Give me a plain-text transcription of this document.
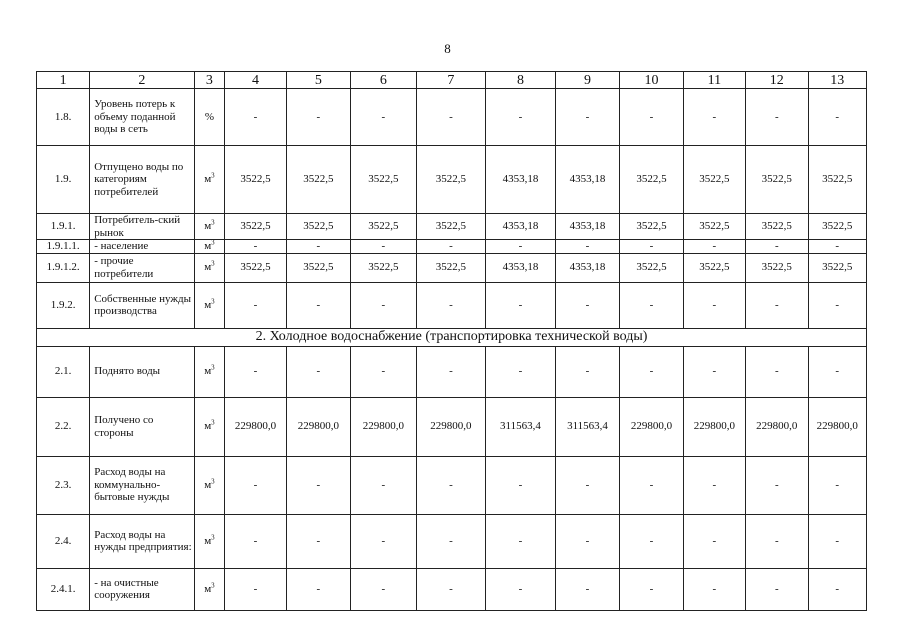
8
1	2	3	4	5	6	7	8	9	10	11	12	13
1.8.	Уровень потерь к объему поданной воды в сеть	%	-	-	-	-	-	-	-	-	-	-
1.9.	Отпущено воды по категориям потребителей	$м^3$	3522,5	3522,5	3522,5	3522,5	4353,18	4353,18	3522,5	3522,5	3522,5	3522,5
1.9.1.	Потребитель-ский рынок	$м^3$	3522,5	3522,5	3522,5	3522,5	4353,18	4353,18	3522,5	3522,5	3522,5	3522,5
1.9.1.1.	- население	$м^3$	-	-	-	-	-	-	-	-	-	-
1.9.1.2.	- прочие потребители	$м^3$	3522,5	3522,5	3522,5	3522,5	4353,18	4353,18	3522,5	3522,5	3522,5	3522,5
1.9.2.	Собственные нужды производства	$м^3$	-	-	-	-	-	-	-	-	-	-
2. Холодное водоснабжение (транспортировка технической воды)												
2.1.	Поднято воды	$м^3$	-	-	-	-	-	-	-	-	-	-
2.2.	Получено со стороны	$м^3$	229800,0	229800,0	229800,0	229800,0	311563,4	311563,4	229800,0	229800,0	229800,0	229800,0
2.3.	Расход воды на коммунально-бытовые нужды	$м^3$	-	-	-	-	-	-	-	-	-	-
2.4.	Расход воды на нужды предприятия:	$м^3$	-	-	-	-	-	-	-	-	-	-
2.4.1.	- на очистные сооружения	$м^3$	-	-	-	-	-	-	-	-	-	-
